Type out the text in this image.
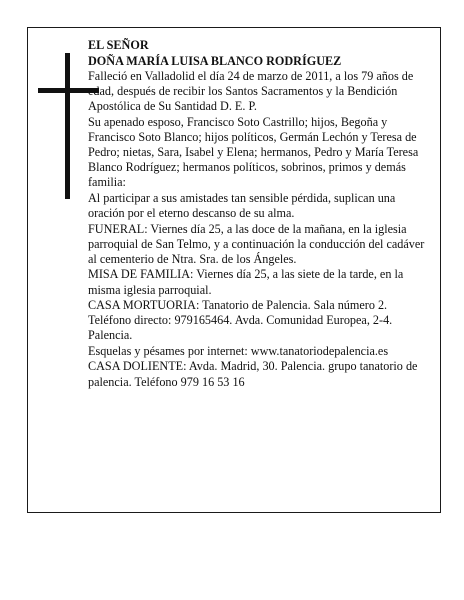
EL SEÑOR

DOÑA MARÍA LUISA BLANCO RODRÍGUEZ

Falleció en Valladolid el día 24 de marzo de 2011, a los 79 años de edad, después de recibir los Santos Sacramentos y la Bendición Apostólica de Su Santidad D. E. P.

Su apenado esposo, Francisco Soto Castrillo; hijos, Begoña y Francisco Soto Blanco; hijos políticos, Germán Lechón y Teresa de Pedro; nietas, Sara, Isabel y Elena; hermanos, Pedro y María Teresa Blanco Rodríguez; hermanos políticos, sobrinos, primos y demás familia:

Al participar a sus amistades tan sensible pérdida, suplican una oración por el eterno descanso de su alma.

FUNERAL: Viernes día 25, a las doce de la mañana, en la iglesia parroquial de San Telmo, y a continuación la conducción del cadáver al cementerio de Ntra. Sra. de los Ángeles.

MISA DE FAMILIA: Viernes día 25, a las siete de la tarde, en la misma iglesia parroquial.

CASA MORTUORIA: Tanatorio de Palencia. Sala número 2. Teléfono directo: 979165464. Avda. Comunidad Europea, 2-4. Palencia.

Esquelas y pésames por internet: www.tanatoriodepalencia.es

CASA DOLIENTE: Avda. Madrid, 30. Palencia. grupo tanatorio de palencia. Teléfono 979 16 53 16
